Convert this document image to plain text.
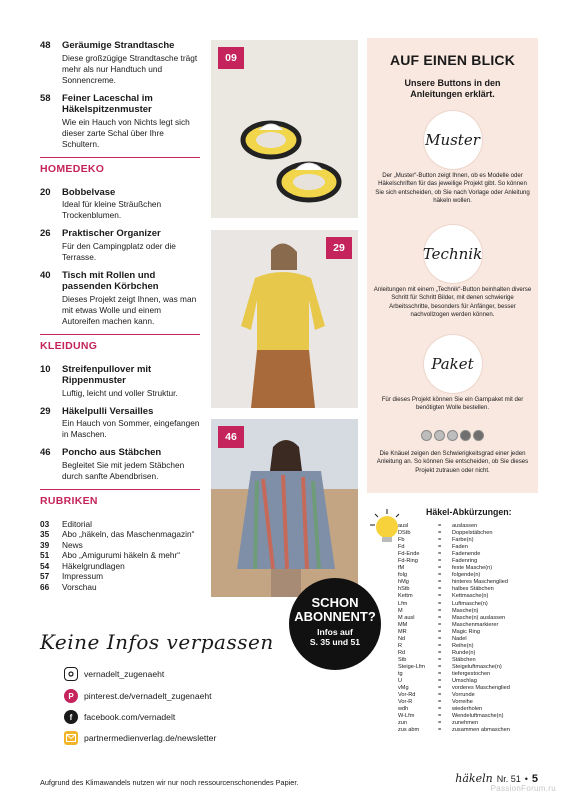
48	Geräumige Strandtasche
Diese großzügige Strandtasche trägt mehr als nur Handtuch und Sonnencreme.
58	Feiner Laceschal im Häkelspitzenmuster
Wie ein Hauch von Nichts legt sich dieser zarte Schal über Ihre Schultern.
HOMEDEKO
20	Bobbelvase
Ideal für kleine Sträußchen Trockenblumen.
26	Praktischer Organizer
Für den Campingplatz oder die Terrasse.
40	Tisch mit Rollen und passenden Körbchen
Dieses Projekt zeigt Ihnen, was man mit etwas Wolle und einem Autoreifen machen kann.
KLEIDUNG
10	Streifenpullover mit Rippenmuster
Luftig, leicht und voller Struktur.
29	Häkelpulli Versailles
Ein Hauch von Sommer, eingefangen in Maschen.
46	Poncho aus Stäbchen
Begleitet Sie mit jedem Stäbchen durch sanfte Abendbrisen.
RUBRIKEN
03	Editorial
35	Abo „häkeln, das Maschenmagazin“
39	News
51	Abo „Amigurumi häkeln & mehr“
54	Häkelgrundlagen
57	Impressum
66	Vorschau
Keine Infos verpassen
vernadelt_zugenaeht
P	pinterest.de/vernadelt_zugenaeht
f	facebook.com/vernadelt
partnermedienverlag.de/newsletter
Aufgrund des Klimawandels nutzen wir nur noch ressourcenschonendes Papier.
09
29
46
AUF EINEN BLICK
Unsere Buttons in den
Anleitungen erklärt.
Muster
Der „Muster“-Button zeigt Ihnen, ob es Modelle oder Häkelschriften für das jeweilige Projekt gibt. So können Sie sich entscheiden, ob Sie nach Vorlage oder Anleitung häkeln wollen.
Technik
Anleitungen mit einem „Technik“-Button beinhalten diverse Schritt für Schritt Bilder, mit denen schwierige Arbeitsschritte, besonders für Anfänger, besser nachvollzogen werden können.
Paket
Für dieses Projekt können Sie ein Garnpaket mit der benötigten Wolle bestellen.
Die Knäuel zeigen den Schwierigkeitsgrad einer jeden Anleitung an. So können Sie entscheiden, ob Sie dieses Projekt zutrauen oder nicht.
Häkel-Abkürzungen:
ausl	=	auslassen
DStb	=	Doppelstäbchen
Fb	=	Farbe(n)
Fd	=	Faden
Fd-Ende	=	Fadenende
Fd-Ring	=	Fadenring
fM	=	feste Masche(n)
folg	=	folgende(n)
hMg	=	hinteres Maschenglied
hStb	=	halbes Stäbchen
Kettm	=	Kettmasche(n)
Lfm	=	Luftmasche(n)
M	=	Masche(n)
M ausl	=	Masche(n) auslassen
MM	=	Maschenmarkierer
MR	=	Magic Ring
Nd	=	Nadel
R	=	Reihe(n)
Rd	=	Runde(n)
Stb	=	Stäbchen
Steige-Lfm	=	Steigeluftmasche(n)
tg	=	tiefergestochen
U	=	Umschlag
vMg	=	vorderes Maschenglied
Vor-Rd	=	Vorrunde
Vor-R	=	Vorreihe
wdh	=	wiederholen
W-Lfm	=	Wendeluftmasche(n)
zun	=	zunehmen
zus abm	=	zusammen abmaschen
SCHON
ABONNENT?
Infos auf
S. 35 und 51
häkeln Nr. 51 • 5
PassionForum.ru
